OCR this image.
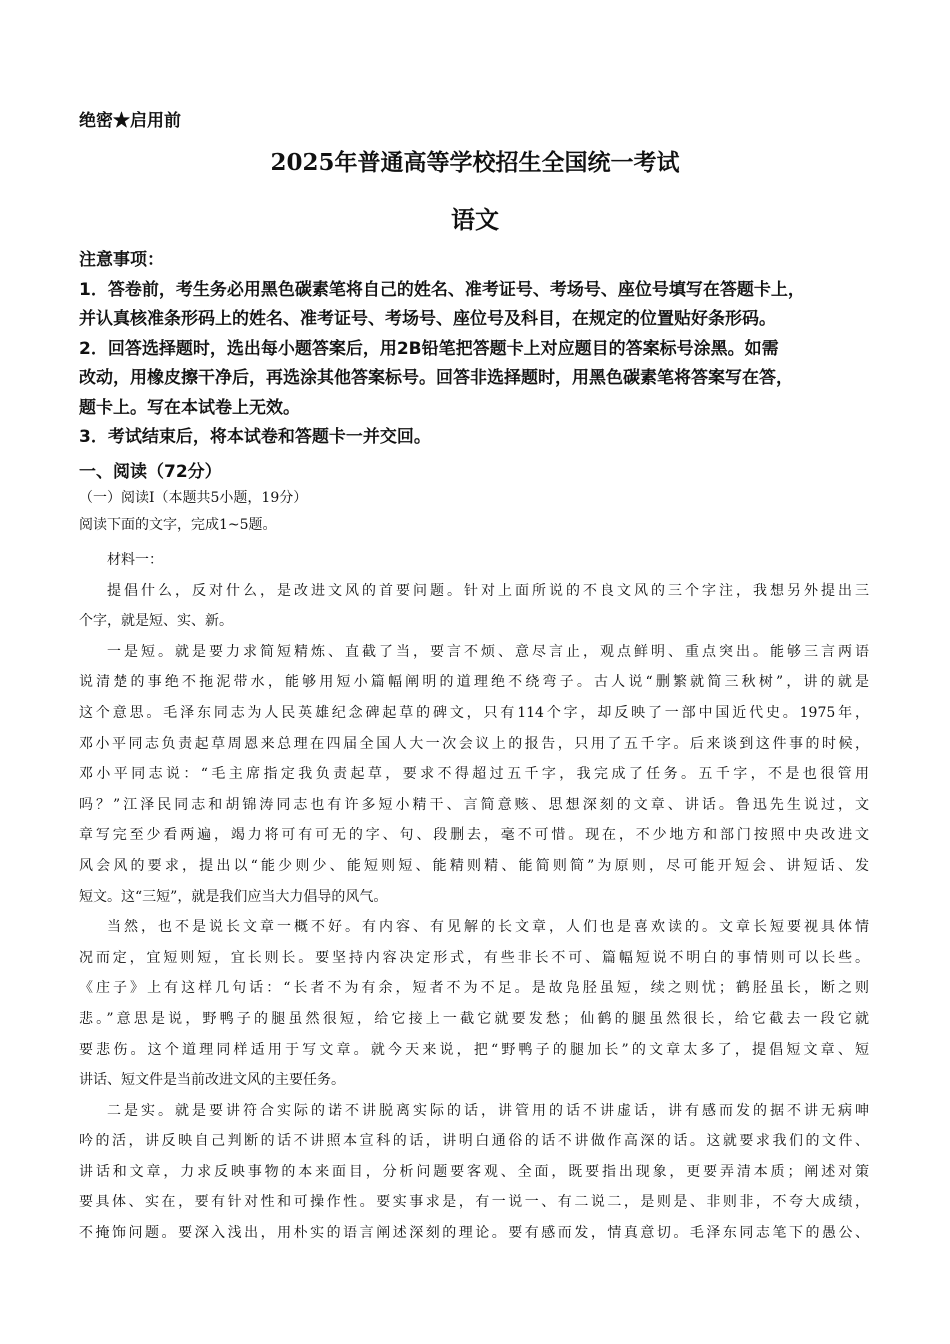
绝密★启用前
2025年普通高等学校招生全国统一考试
语文
注意事项：
1．答卷前，考生务必用黑色碳素笔将自己的姓名、准考证号、考场号、座位号填写在答题卡上，
并认真核准条形码上的姓名、准考证号、考场号、座位号及科目，在规定的位置贴好条形码。
2．回答选择题时，选出每小题答案后，用2B铅笔把答题卡上对应题目的答案标号涂黑。如需
改动，用橡皮擦干净后，再选涂其他答案标号。回答非选择题时，用黑色碳素笔将答案写在答，
题卡上。写在本试卷上无效。
3．考试结束后，将本试卷和答题卡一并交回。
一、阅读（72分）
（一）阅读Ⅰ（本题共5小题，19分）
阅读下面的文字，完成1~5题。
材料一：
提倡什么，反对什么，是改进文风的首要问题。针对上面所说的不良文风的三个字注，我想另外提出三
个字，就是短、实、新。
一是短。就是要力求简短精炼、直截了当，要言不烦、意尽言止，观点鲜明、重点突出。能够三言两语
说清楚的事绝不拖泥带水，能够用短小篇幅阐明的道理绝不绕弯子。古人说“删繁就简三秋树”，讲的就是
这个意思。毛泽东同志为人民英雄纪念碑起草的碑文，只有114个字，却反映了一部中国近代史。1975年，
邓小平同志负责起草周恩来总理在四届全国人大一次会议上的报告，只用了五千字。后来谈到这件事的时候，
邓小平同志说：“毛主席指定我负责起草，要求不得超过五千字，我完成了任务。五千字，不是也很管用
吗？”江泽民同志和胡锦涛同志也有许多短小精干、言简意赅、思想深刻的文章、讲话。鲁迅先生说过，文
章写完至少看两遍，竭力将可有可无的字、句、段删去，毫不可惜。现在，不少地方和部门按照中央改进文
风会风的要求，提出以“能少则少、能短则短、能精则精、能简则简”为原则，尽可能开短会、讲短话、发
短文。这“三短”，就是我们应当大力倡导的风气。
当然，也不是说长文章一概不好。有内容、有见解的长文章，人们也是喜欢读的。文章长短要视具体情
况而定，宜短则短，宜长则长。要坚持内容决定形式，有些非长不可、篇幅短说不明白的事情则可以长些。
《庄子》上有这样几句话：“长者不为有余，短者不为不足。是故凫胫虽短，续之则忧；鹤胫虽长，断之则
悲。”意思是说，野鸭子的腿虽然很短，给它接上一截它就要发愁；仙鹤的腿虽然很长，给它截去一段它就
要悲伤。这个道理同样适用于写文章。就今天来说，把“野鸭子的腿加长”的文章太多了，提倡短文章、短
讲话、短文件是当前改进文风的主要任务。
二是实。就是要讲符合实际的诺不讲脱离实际的话，讲管用的话不讲虚话，讲有感而发的据不讲无病呻
吟的活，讲反映自己判断的话不讲照本宣科的话，讲明白通俗的话不讲做作高深的话。这就要求我们的文件、
讲话和文章，力求反映事物的本来面目，分析问题要客观、全面，既要指出现象，更要弄清本质；阐述对策
要具体、实在，要有针对性和可操作性。要实事求是，有一说一、有二说二，是则是、非则非，不夸大成绩，
不掩饰问题。要深入浅出，用朴实的语言阐述深刻的理论。要有感而发，情真意切。毛泽东同志笔下的愚公、
